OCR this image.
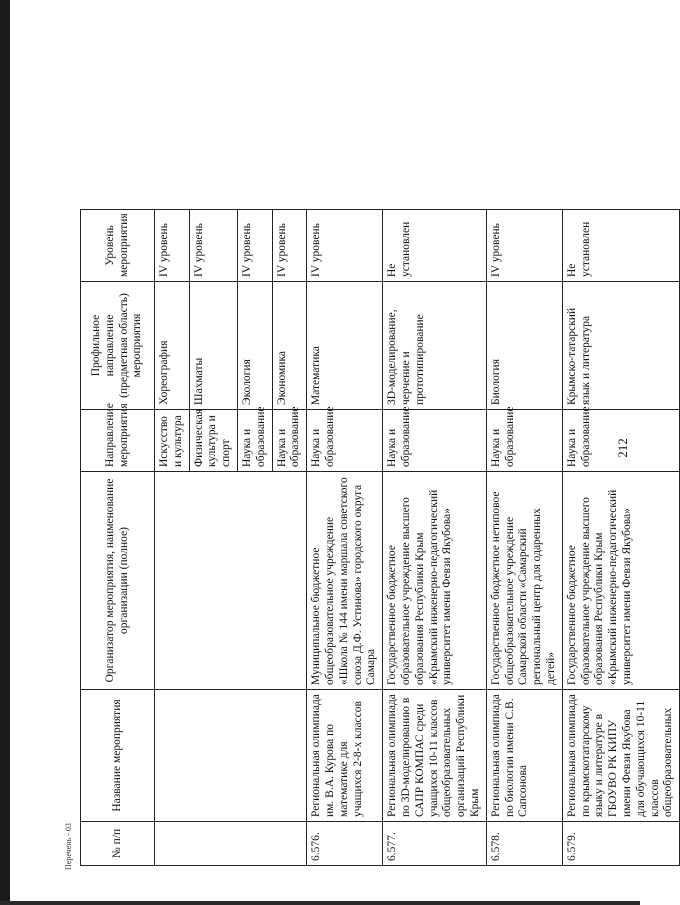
212
Перечень - 03	№ п/п	Название мероприятия	Организатор мероприятия, наименование организации (полное)	Направление мероприятия	Профильное направление (предметная область) мероприятия	Уровень мероприятия	
			Искусство и культура	Хореография	IV уровень	
			Физическая культура и спорт	Шахматы	IV уровень	
			Наука и образование	Экология	IV уровень	
			Наука и образование	Экономика	IV уровень	
6.576.	Региональная олимпиада им. В.А. Курова по математике для учащихся 2-8-х классов	Муниципальное бюджетное общеобразовательное учреждение «Школа № 144 имени маршала советского союза Д.Ф. Устинова» городского округа Самара	Наука и образование	Математика	IV уровень	
6.577.	Региональная олимпиада по 3D-моделированию в САПР КОМПАС среди учащихся 10-11 классов общеобразовательных организаций Республики Крым	Государственное бюджетное образовательное учреждение высшего образования Республики Крым «Крымский инженерно-педагогический университет имени Февзи Якубова»	Наука и образование	3D-моделирование, черчение и прототипирование	Не установлен	
6.578.	Региональная олимпиада по биологии имени С.В. Сапсонова	Государственное бюджетное нетиповое общеобразовательное учреждение Самарской области «Самарский региональный центр для одаренных детей»	Наука и образование	Биология	IV уровень	
6.579.	Региональная олимпиада по крымскотатарскому языку и литературе в ГБОУВО РК КИПУ имени Февзи Якубова для обучающихся 10-11 классов общеобразовательных	Государственное бюджетное образовательное учреждение высшего образования Республики Крым «Крымский инженерно-педагогический университет имени Февзи Якубова»	Наука и образование	Крымско-татарский язык и литература	Не установлен	
